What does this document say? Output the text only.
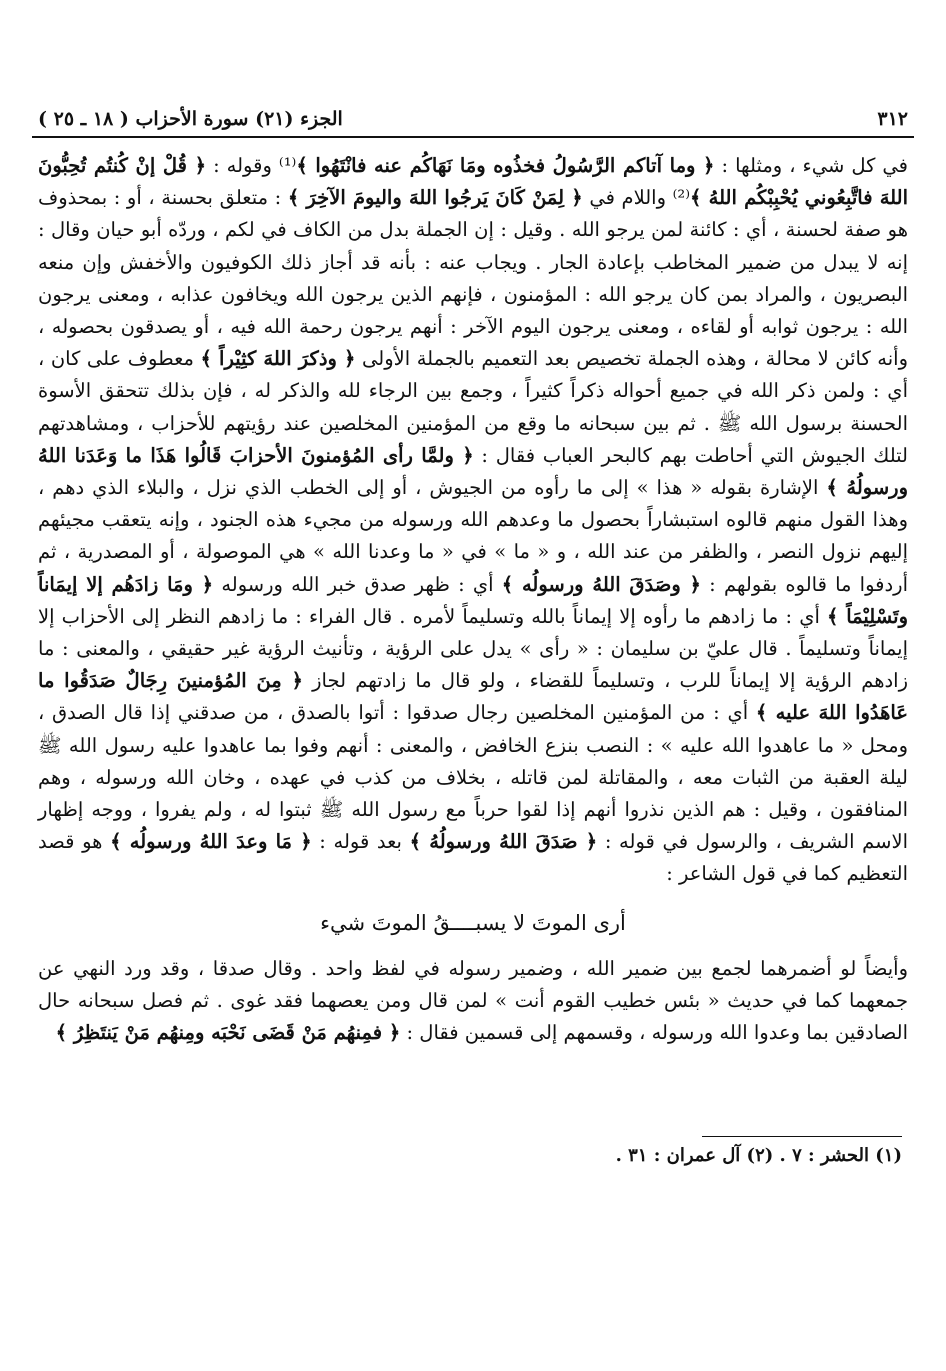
٣١٢
الجزء (٢١) سورة الأحزاب ( ١٨ ـ ٢٥ )

في كل شيء ، ومثلها : ﴿ وما آتاكم الرَّسُولُ فخذُوه ومَا نَهَاكُم عنه فانْتَهُوا ﴾⁽¹⁾ وقوله : ﴿ قُلْ إنْ كُنتُم تُحِبُّونَ اللهَ فاتَّبِعُوني يُحْبِبْكُم اللهُ ﴾⁽²⁾ واللام في ﴿ لِمَنْ كَانَ يَرجُوا اللهَ واليومَ الآخِرَ ﴾ : متعلق بحسنة ، أو : بمحذوف هو صفة لحسنة ، أي : كائنة لمن يرجو الله . وقيل : إن الجملة بدل من الكاف في لكم ، وردّه أبو حيان وقال : إنه لا يبدل من ضمير المخاطب بإعادة الجار . ويجاب عنه : بأنه قد أجاز ذلك الكوفيون والأخفش وإن منعه البصريون ، والمراد بمن كان يرجو الله : المؤمنون ، فإنهم الذين يرجون الله ويخافون عذابه ، ومعنى يرجون الله : يرجون ثوابه أو لقاءه ، ومعنى يرجون اليوم الآخر : أنهم يرجون رحمة الله فيه ، أو يصدقون بحصوله ، وأنه كائن لا محالة ، وهذه الجملة تخصيص بعد التعميم بالجملة الأولى ﴿ وذكرَ اللهَ كثِيْراً ﴾ معطوف على كان ، أي : ولمن ذكر الله في جميع أحواله ذكراً كثيراً ، وجمع بين الرجاء لله والذكر له ، فإن بذلك تتحقق الأسوة الحسنة برسول الله ﷺ . ثم بين سبحانه ما وقع من المؤمنين المخلصين عند رؤيتهم للأحزاب ، ومشاهدتهم لتلك الجيوش التي أحاطت بهم كالبحر العباب فقال : ﴿ ولمَّا رأى المُؤمنونَ الأحزابَ قَالُوا هَذَا ما وَعَدَنا اللهُ ورسولُهُ ﴾ الإشارة بقوله « هذا » إلى ما رأوه من الجيوش ، أو إلى الخطب الذي نزل ، والبلاء الذي دهم ، وهذا القول منهم قالوه استبشاراً بحصول ما وعدهم الله ورسوله من مجيء هذه الجنود ، وإنه يتعقب مجيئهم إليهم نزول النصر ، والظفر من عند الله ، و « ما » في « ما وعدنا الله » هي الموصولة ، أو المصدرية ، ثم أردفوا ما قالوه بقولهم : ﴿ وصَدَقَ اللهُ ورسولُه ﴾ أي : ظهر صدق خبر الله ورسوله ﴿ ومَا زادَهُم إلا إيمَاناً وتَسْلِيْمَاً ﴾ أي : ما زادهم ما رأوه إلا إيماناً بالله وتسليماً لأمره . قال الفراء : ما زادهم النظر إلى الأحزاب إلا إيماناً وتسليماً . قال عليّ بن سليمان : « رأى » يدل على الرؤية ، وتأنيث الرؤية غير حقيقي ، والمعنى : ما زادهم الرؤية إلا إيماناً للرب ، وتسليماً للقضاء ، ولو قال ما زادتهم لجاز ﴿ مِنَ المُؤمنينَ رِجَالٌ صَدَقُوا ما عَاهَدُوا اللهَ عليه ﴾ أي : من المؤمنين المخلصين رجال صدقوا : أتوا بالصدق ، من صدقني إذا قال الصدق ، ومحل « ما عاهدوا الله عليه » : النصب بنزع الخافض ، والمعنى : أنهم وفوا بما عاهدوا عليه رسول الله ﷺ ليلة العقبة من الثبات معه ، والمقاتلة لمن قاتله ، بخلاف من كذب في عهده ، وخان الله ورسوله ، وهم المنافقون ، وقيل : هم الذين نذروا أنهم إذا لقوا حرباً مع رسول الله ﷺ ثبتوا له ، ولم يفروا ، ووجه إظهار الاسم الشريف ، والرسول في قوله : ﴿ صَدَقَ اللهُ ورسولُهُ ﴾ بعد قوله : ﴿ مَا وعدَ اللهُ ورسولُه ﴾ هو قصد التعظيم كما في قول الشاعر :

أرى الموتَ لا يسبــــقُ الموتَ شيء

وأيضاً لو أضمرهما لجمع بين ضمير الله ، وضمير رسوله في لفظ واحد . وقال صدقا ، وقد ورد النهي عن جمعهما كما في حديث « بئس خطيب القوم أنت » لمن قال ومن يعصهما فقد غوى . ثم فصل سبحانه حال الصادقين بما وعدوا الله ورسوله ، وقسمهم إلى قسمين فقال : ﴿ فمِنهُم مَنْ قَضَى نَحْبَه ومِنهُم مَنْ يَنتَظِرُ ﴾

(١) الحشر : ٧ . (٢) آل عمران : ٣١ .
